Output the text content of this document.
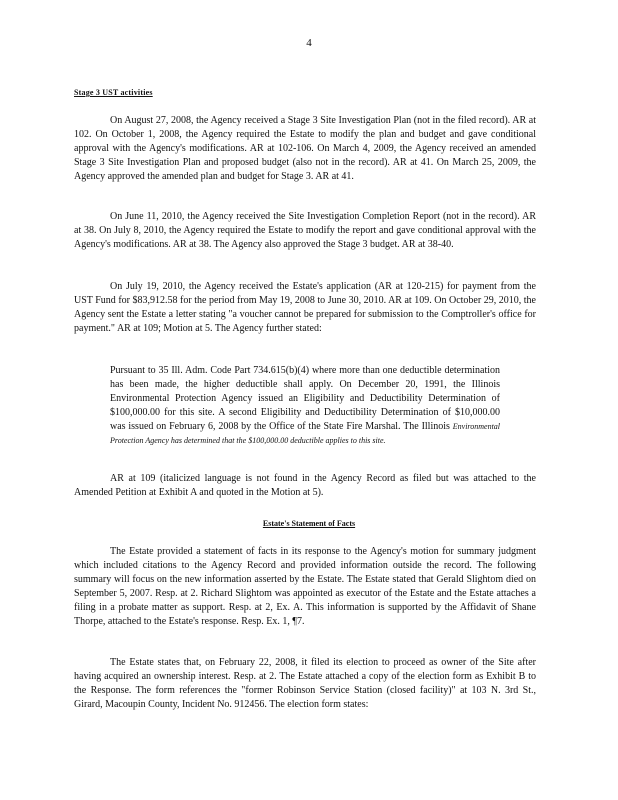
4
Stage 3 UST activities

On August 27, 2008, the Agency received a Stage 3 Site Investigation Plan (not in the filed record). AR at 102. On October 1, 2008, the Agency required the Estate to modify the plan and budget and gave conditional approval with the Agency's modifications. AR at 102-106. On March 4, 2009, the Agency received an amended Stage 3 Site Investigation Plan and proposed budget (also not in the record). AR at 41. On March 25, 2009, the Agency approved the amended plan and budget for Stage 3. AR at 41.

On June 11, 2010, the Agency received the Site Investigation Completion Report (not in the record). AR at 38. On July 8, 2010, the Agency required the Estate to modify the report and gave conditional approval with the Agency's modifications. AR at 38. The Agency also approved the Stage 3 budget. AR at 38-40.

On July 19, 2010, the Agency received the Estate's application (AR at 120-215) for payment from the UST Fund for $83,912.58 for the period from May 19, 2008 to June 30, 2010. AR at 109. On October 29, 2010, the Agency sent the Estate a letter stating "a voucher cannot be prepared for submission to the Comptroller's office for payment." AR at 109; Motion at 5. The Agency further stated:

Pursuant to 35 Ill. Adm. Code Part 734.615(b)(4) where more than one deductible determination has been made, the higher deductible shall apply. On December 20, 1991, the Illinois Environmental Protection Agency issued an Eligibility and Deductibility Determination of $100,000.00 for this site. A second Eligibility and Deductibility Determination of $10,000.00 was issued on February 6, 2008 by the Office of the State Fire Marshal. The Illinois Environmental Protection Agency has determined that the $100,000.00 deductible applies to this site.

AR at 109 (italicized language is not found in the Agency Record as filed but was attached to the Amended Petition at Exhibit A and quoted in the Motion at 5).

Estate's Statement of Facts

The Estate provided a statement of facts in its response to the Agency's motion for summary judgment which included citations to the Agency Record and provided information outside the record. The following summary will focus on the new information asserted by the Estate. The Estate stated that Gerald Slightom died on September 5, 2007. Resp. at 2. Richard Slightom was appointed as executor of the Estate and the Estate attaches a filing in a probate matter as support. Resp. at 2, Ex. A. This information is supported by the Affidavit of Shane Thorpe, attached to the Estate's response. Resp. Ex. 1, ¶7.

The Estate states that, on February 22, 2008, it filed its election to proceed as owner of the Site after having acquired an ownership interest. Resp. at 2. The Estate attached a copy of the election form as Exhibit B to the Response. The form references the "former Robinson Service Station (closed facility)" at 103 N. 3rd St., Girard, Macoupin County, Incident No. 912456. The election form states:
